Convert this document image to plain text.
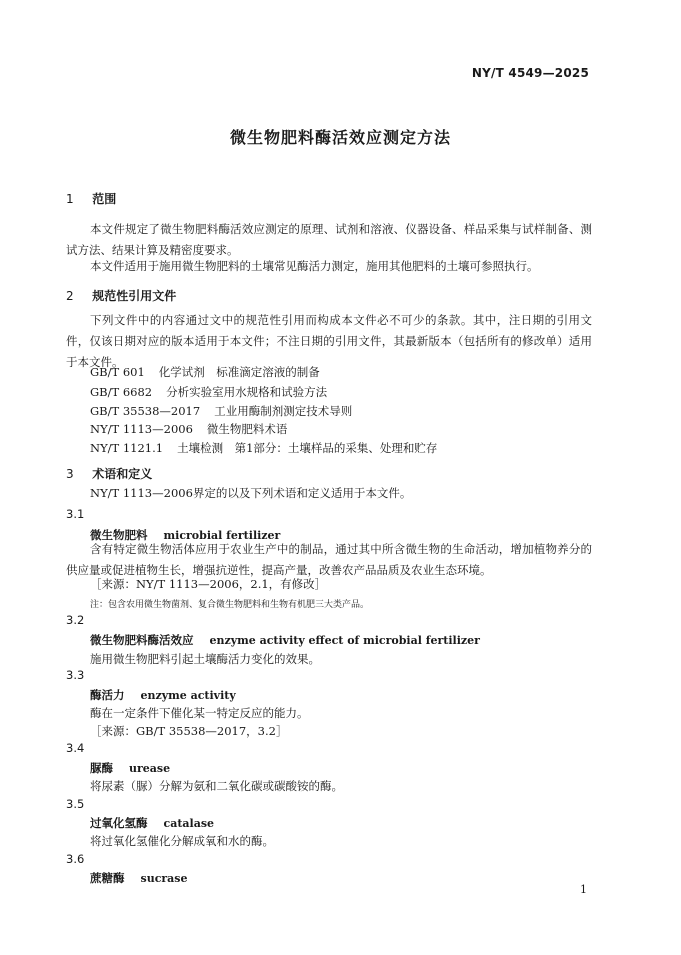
NY/T 4549—2025
微生物肥料酶活效应测定方法
1 范围
本文件规定了微生物肥料酶活效应测定的原理、试剂和溶液、仪器设备、样品采集与试样制备、测试方法、结果计算及精密度要求。
本文件适用于施用微生物肥料的土壤常见酶活力测定，施用其他肥料的土壤可参照执行。
2 规范性引用文件
下列文件中的内容通过文中的规范性引用而构成本文件必不可少的条款。其中，注日期的引用文件，仅该日期对应的版本适用于本文件；不注日期的引用文件，其最新版本（包括所有的修改单）适用于本文件。
GB/T 601 化学试剂　标准滴定溶液的制备
GB/T 6682 分析实验室用水规格和试验方法
GB/T 35538—2017 工业用酶制剂测定技术导则
NY/T 1113—2006 微生物肥料术语
NY/T 1121.1 土壤检测　第1部分：土壤样品的采集、处理和贮存
3 术语和定义
NY/T 1113—2006界定的以及下列术语和定义适用于本文件。
3.1
微生物肥料 microbial fertilizer
含有特定微生物活体应用于农业生产中的制品，通过其中所含微生物的生命活动，增加植物养分的供应量或促进植物生长，增强抗逆性，提高产量，改善农产品品质及农业生态环境。
［来源：NY/T 1113—2006，2.1，有修改］
注：包含农用微生物菌剂、复合微生物肥料和生物有机肥三大类产品。
3.2
微生物肥料酶活效应 enzyme activity effect of microbial fertilizer
施用微生物肥料引起土壤酶活力变化的效果。
3.3
酶活力 enzyme activity
酶在一定条件下催化某一特定反应的能力。
［来源：GB/T 35538—2017，3.2］
3.4
脲酶 urease
将尿素（脲）分解为氨和二氧化碳或碳酸铵的酶。
3.5
过氧化氢酶 catalase
将过氧化氢催化分解成氧和水的酶。
3.6
蔗糖酶 sucrase
1
